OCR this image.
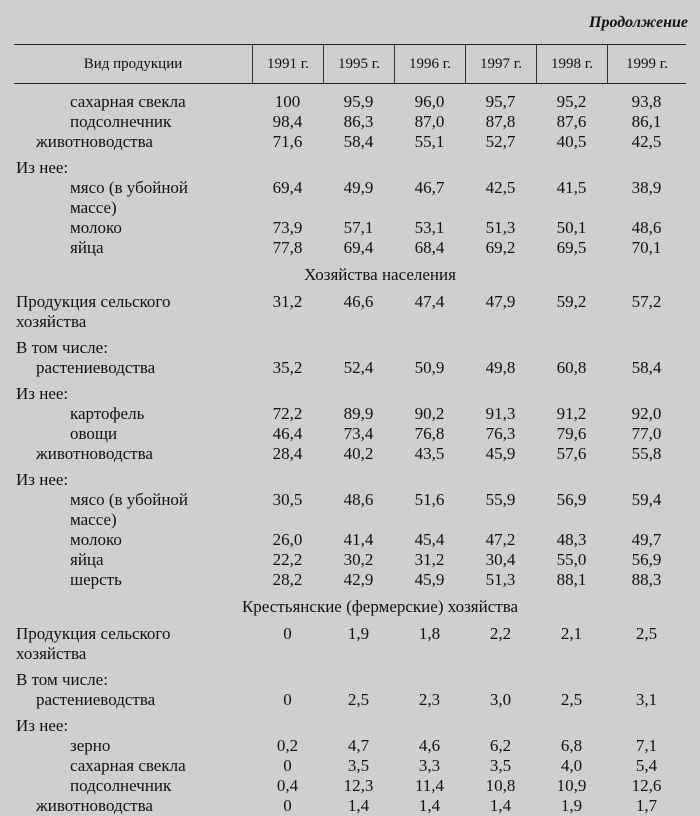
Продолжение
Вид продукции	1991 г.	1995 г.	1996 г.	1997 г.	1998 г.	1999 г.
сахарная свекла	100	95,9	96,0	95,7	95,2	93,8
подсолнечник	98,4	86,3	87,0	87,8	87,6	86,1
животноводства	71,6	58,4	55,1	52,7	40,5	42,5
Из нее:
мясо (в убойной	69,4	49,9	46,7	42,5	41,5	38,9
массе)
молоко	73,9	57,1	53,1	51,3	50,1	48,6
яйца	77,8	69,4	68,4	69,2	69,5	70,1
Хозяйства населения
Продукция сельского	31,2	46,6	47,4	47,9	59,2	57,2
хозяйства
В том числе:
растениеводства	35,2	52,4	50,9	49,8	60,8	58,4
Из нее:
картофель	72,2	89,9	90,2	91,3	91,2	92,0
овощи	46,4	73,4	76,8	76,3	79,6	77,0
животноводства	28,4	40,2	43,5	45,9	57,6	55,8
Из нее:
мясо (в убойной	30,5	48,6	51,6	55,9	56,9	59,4
массе)
молоко	26,0	41,4	45,4	47,2	48,3	49,7
яйца	22,2	30,2	31,2	30,4	55,0	56,9
шерсть	28,2	42,9	45,9	51,3	88,1	88,3
Крестьянские (фермерские) хозяйства
Продукция сельского	0	1,9	1,8	2,2	2,1	2,5
хозяйства
В том числе:
растениеводства	0	2,5	2,3	3,0	2,5	3,1
Из нее:
зерно	0,2	4,7	4,6	6,2	6,8	7,1
сахарная свекла	0	3,5	3,3	3,5	4,0	5,4
подсолнечник	0,4	12,3	11,4	10,8	10,9	12,6
животноводства	0	1,4	1,4	1,4	1,9	1,7
